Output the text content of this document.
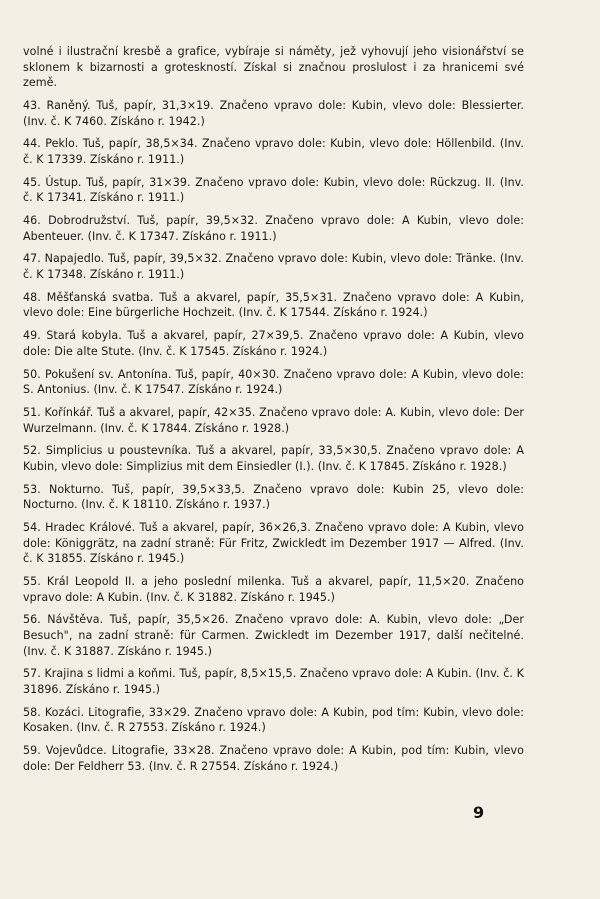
volné i ilustrační kresbě a grafice, vybíraje si náměty, jež vyhovují jeho visionářství se sklonem k bizarnosti a groteskností. Získal si značnou proslulost i za hranicemi své země.

43. Raněný. Tuš, papír, 31,3×19. Značeno vpravo dole: Kubin, vlevo dole: Blessierter. (Inv. č. K 7460. Získáno r. 1942.)

44. Peklo. Tuš, papír, 38,5×34. Značeno vpravo dole: Kubin, vlevo dole: Höllenbild. (Inv. č. K 17339. Získáno r. 1911.)

45. Ústup. Tuš, papír, 31×39. Značeno vpravo dole: Kubin, vlevo dole: Rückzug. II. (Inv. č. K 17341. Získáno r. 1911.)

46. Dobrodružství. Tuš, papír, 39,5×32. Značeno vpravo dole: A Kubin, vlevo dole: Abenteuer. (Inv. č. K 17347. Získáno r. 1911.)

47. Napajedlo. Tuš, papír, 39,5×32. Značeno vpravo dole: Kubin, vlevo dole: Tränke. (Inv. č. K 17348. Získáno r. 1911.)

48. Měšťanská svatba. Tuš a akvarel, papír, 35,5×31. Značeno vpravo dole: A Kubin, vlevo dole: Eine bürgerliche Hochzeit. (Inv. č. K 17544. Získáno r. 1924.)

49. Stará kobyla. Tuš a akvarel, papír, 27×39,5. Značeno vpravo dole: A Kubin, vlevo dole: Die alte Stute. (Inv. č. K 17545. Získáno r. 1924.)

50. Pokušení sv. Antonína. Tuš, papír, 40×30. Značeno vpravo dole: A Kubin, vlevo dole: S. Antonius. (Inv. č. K 17547. Získáno r. 1924.)

51. Kořínkář. Tuš a akvarel, papír, 42×35. Značeno vpravo dole: A. Kubin, vlevo dole: Der Wurzelmann. (Inv. č. K 17844. Získáno r. 1928.)

52. Simplicius u poustevníka. Tuš a akvarel, papír, 33,5×30,5. Značeno vpravo dole: A Kubin, vlevo dole: Simplizius mit dem Einsiedler (I.). (Inv. č. K 17845. Získáno r. 1928.)

53. Nokturno. Tuš, papír, 39,5×33,5. Značeno vpravo dole: Kubin 25, vlevo dole: Nocturno. (Inv. č. K 18110. Získáno r. 1937.)

54. Hradec Králové. Tuš a akvarel, papír, 36×26,3. Značeno vpravo dole: A Kubin, vlevo dole: Königgrätz, na zadní straně: Für Fritz, Zwickledt im Dezember 1917 — Alfred. (Inv. č. K 31855. Získáno r. 1945.)

55. Král Leopold II. a jeho poslední milenka. Tuš a akvarel, papír, 11,5×20. Značeno vpravo dole: A Kubin. (Inv. č. K 31882. Získáno r. 1945.)

56. Návštěva. Tuš, papír, 35,5×26. Značeno vpravo dole: A. Kubin, vlevo dole: „Der Besuch", na zadní straně: für Carmen. Zwickledt im Dezember 1917, další nečitelné. (Inv. č. K 31887. Získáno r. 1945.)

57. Krajina s lidmi a koňmi. Tuš, papír, 8,5×15,5. Značeno vpravo dole: A Kubin. (Inv. č. K 31896. Získáno r. 1945.)

58. Kozáci. Litografie, 33×29. Značeno vpravo dole: A Kubin, pod tím: Kubin, vlevo dole: Kosaken. (Inv. č. R 27553. Získáno r. 1924.)

59. Vojevůdce. Litografie, 33×28. Značeno vpravo dole: A Kubin, pod tím: Kubin, vlevo dole: Der Feldherr 53. (Inv. č. R 27554. Získáno r. 1924.)

9
